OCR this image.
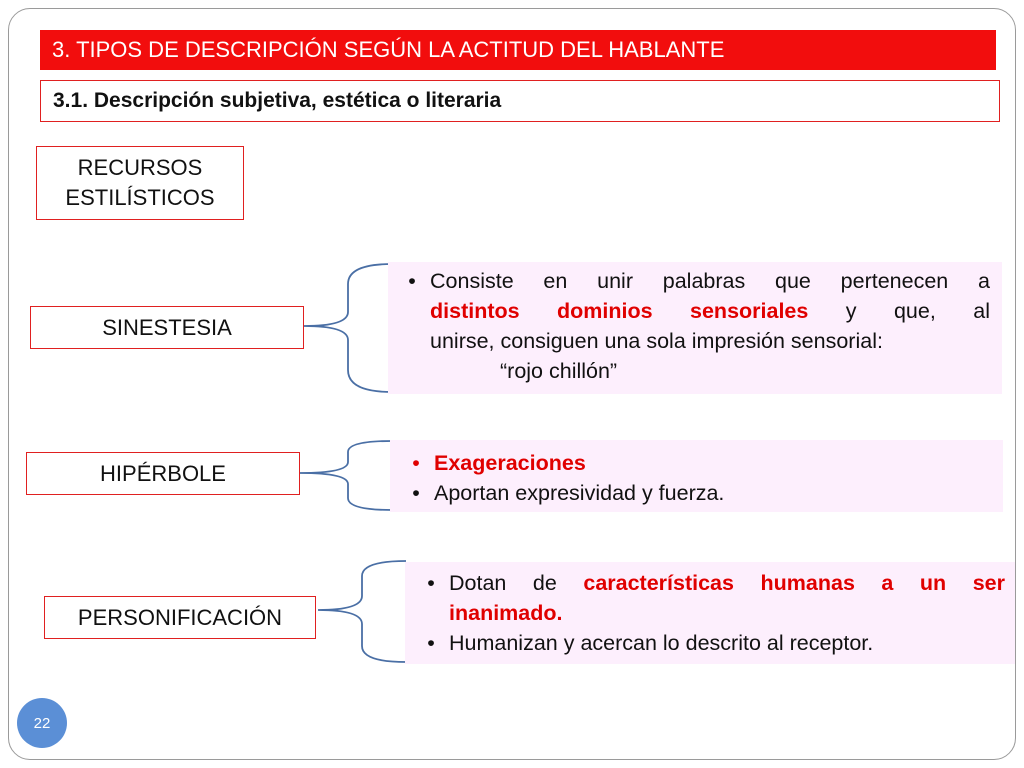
3. TIPOS DE DESCRIPCIÓN SEGÚN LA ACTITUD DEL HABLANTE
3.1. Descripción subjetiva, estética o literaria
RECURSOS
ESTILÍSTICOS
SINESTESIA
• Consiste en unir palabras que pertenecen a
distintos dominios sensoriales y que, al
unirse, consiguen una sola impresión sensorial:
“rojo chillón”
HIPÉRBOLE	• Exageraciones
• Aportan expresividad y fuerza.
PERSONIFICACIÓN
• Dotan de características humanas a un ser
inanimado.
• Humanizan y acercan lo descrito al receptor.
22
